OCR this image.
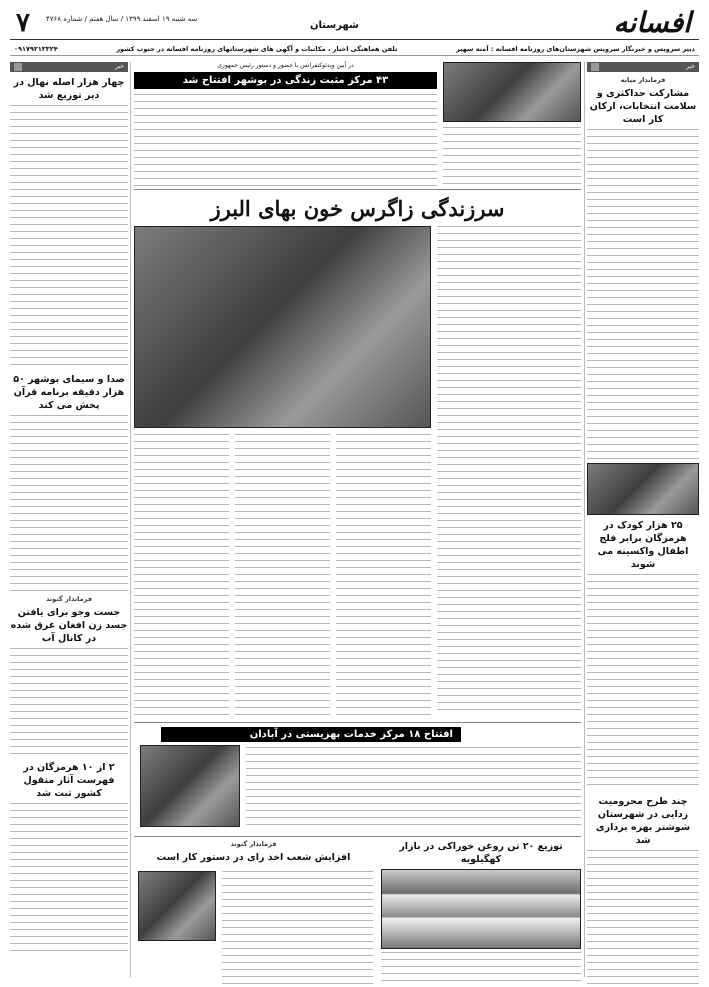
۷ سه شنبه ۱۹ اسفند ۱۳۹۹ / سال هفتم / شماره ۴۷۶۸
شهرستان	افسانه
دبیر سرویس و خبرنگار سرویس شهرستان‌های روزنامه افسانه : آمنه سهیر
تلفن هماهنگی اخبار ، مکاتبات و آگهی های شهرستانهای روزنامه افسانه در جنوب کشور
۰۹۱۷۹۳۱۳۳۲۴
خبر
فرماندار میانه
مشارکت حداکثری و سلامت انتخابات، ارکان کار است
۲۵ هزار کودک در هرمزگان برابر فلج اطفال واکسینه می شوند
چند طرح محرومیت زدایی در شهرستان شوشتر بهره برداری شد
خبر
چهار هزار اصله نهال در دیر توزیع شد
صدا و سیمای بوشهر ۵۰ هزار دقیقه برنامه قرآن پخش می کند
فرماندار گتوند
جست وجو برای یافتن جسد زن افغان غرق شده در کانال آب
۲ از ۱۰ هرمزگان در فهرست آثار منقول کشور ثبت شد
در آیین ویدئوکنفرانس با حضور و دستور رئیس جمهوری
۴۳ مرکز مثبت زندگی در بوشهر افتتاح شد
سرزندگی زاگرس خون بهای البرز
افتتاح ۱۸ مرکز خدمات بهزیستی در آبادان
توزیع ۲۰ تن روغن خوراکی در بازار کهگیلویه
فرماندار گتوند
افزایش شعب اخذ رای در دستور کار است
